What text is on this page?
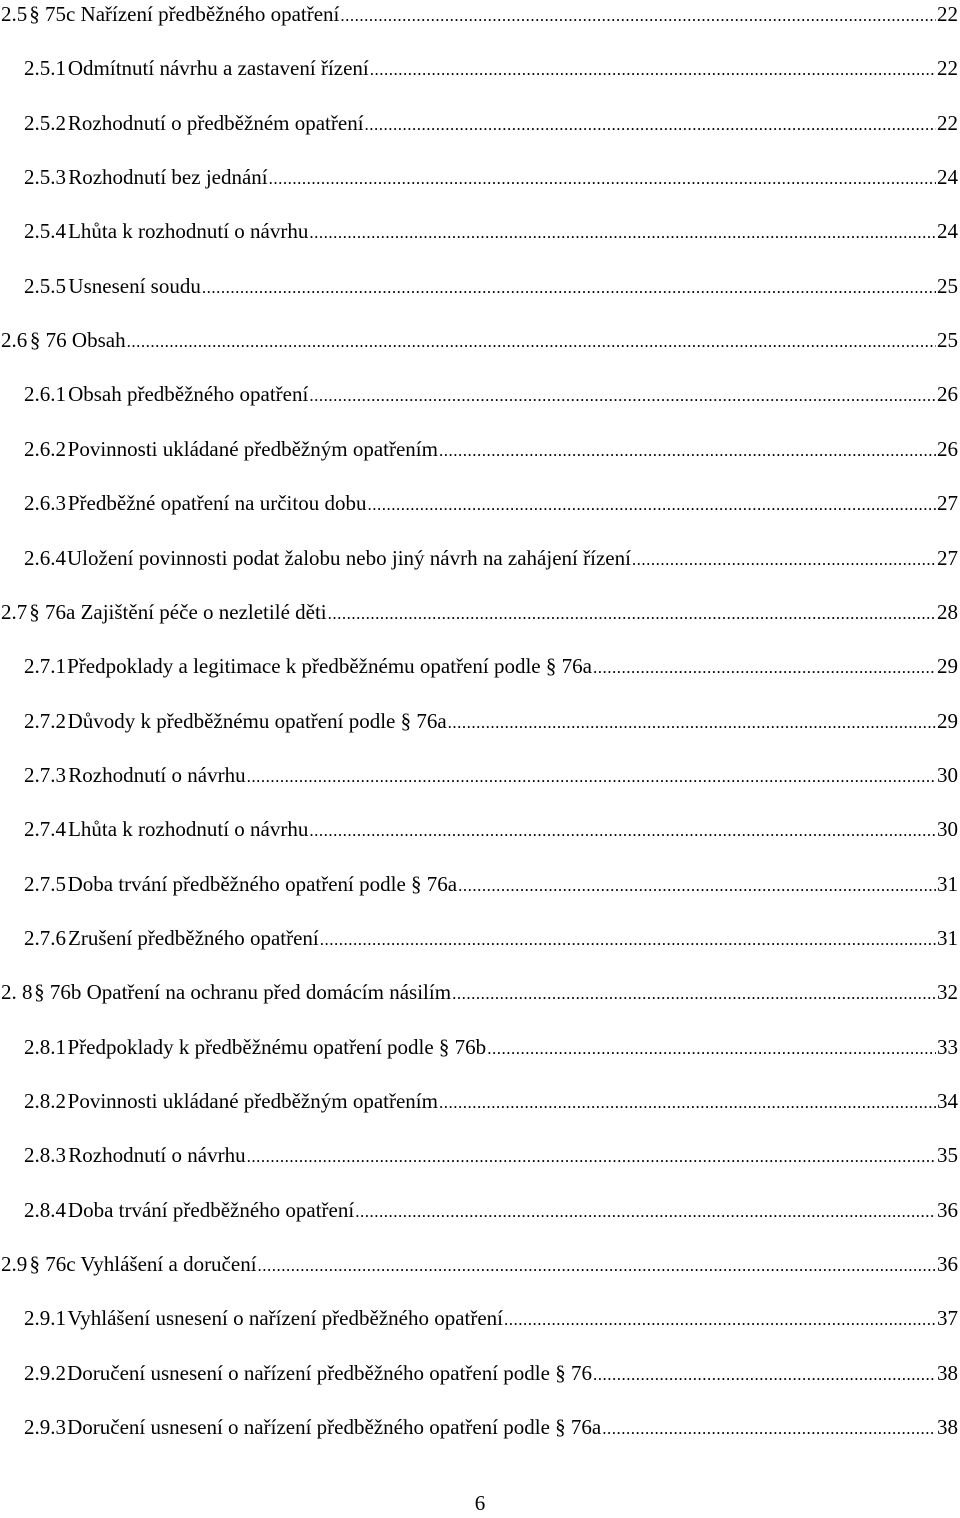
2.5 § 75c Nařízení předběžného opatření .....	22
2.5.1 Odmítnutí návrhu a zastavení řízení .....	22
2.5.2 Rozhodnutí o předběžném opatření .....	22
2.5.3 Rozhodnutí bez jednání .....	24
2.5.4 Lhůta k rozhodnutí o návrhu .....	24
2.5.5 Usnesení soudu .....	25
2.6 § 76 Obsah .....	25
2.6.1 Obsah předběžného opatření .....	26
2.6.2 Povinnosti ukládané předběžným opatřením .....	26
2.6.3 Předběžné opatření na určitou dobu .....	27
2.6.4 Uložení povinnosti podat žalobu nebo jiný návrh na zahájení řízení .....	27
2.7 § 76a Zajištění péče o nezletilé děti .....	28
2.7.1 Předpoklady a legitimace k předběžnému opatření podle § 76a .....	29
2.7.2 Důvody k předběžnému opatření podle § 76a .....	29
2.7.3 Rozhodnutí o návrhu .....	30
2.7.4 Lhůta k rozhodnutí o návrhu .....	30
2.7.5 Doba trvání předběžného opatření podle § 76a .....	31
2.7.6 Zrušení předběžného opatření .....	31
2. 8 § 76b Opatření na ochranu před domácím násilím .....	32
2.8.1 Předpoklady k předběžnému opatření podle § 76b .....	33
2.8.2 Povinnosti ukládané předběžným opatřením .....	34
2.8.3 Rozhodnutí o návrhu .....	35
2.8.4 Doba trvání předběžného opatření .....	36
2.9 § 76c Vyhlášení a doručení .....	36
2.9.1 Vyhlášení usnesení o nařízení předběžného opatření .....	37
2.9.2 Doručení usnesení o nařízení předběžného opatření podle § 76 .....	38
2.9.3 Doručení usnesení o nařízení předběžného opatření podle § 76a .....	38
6
